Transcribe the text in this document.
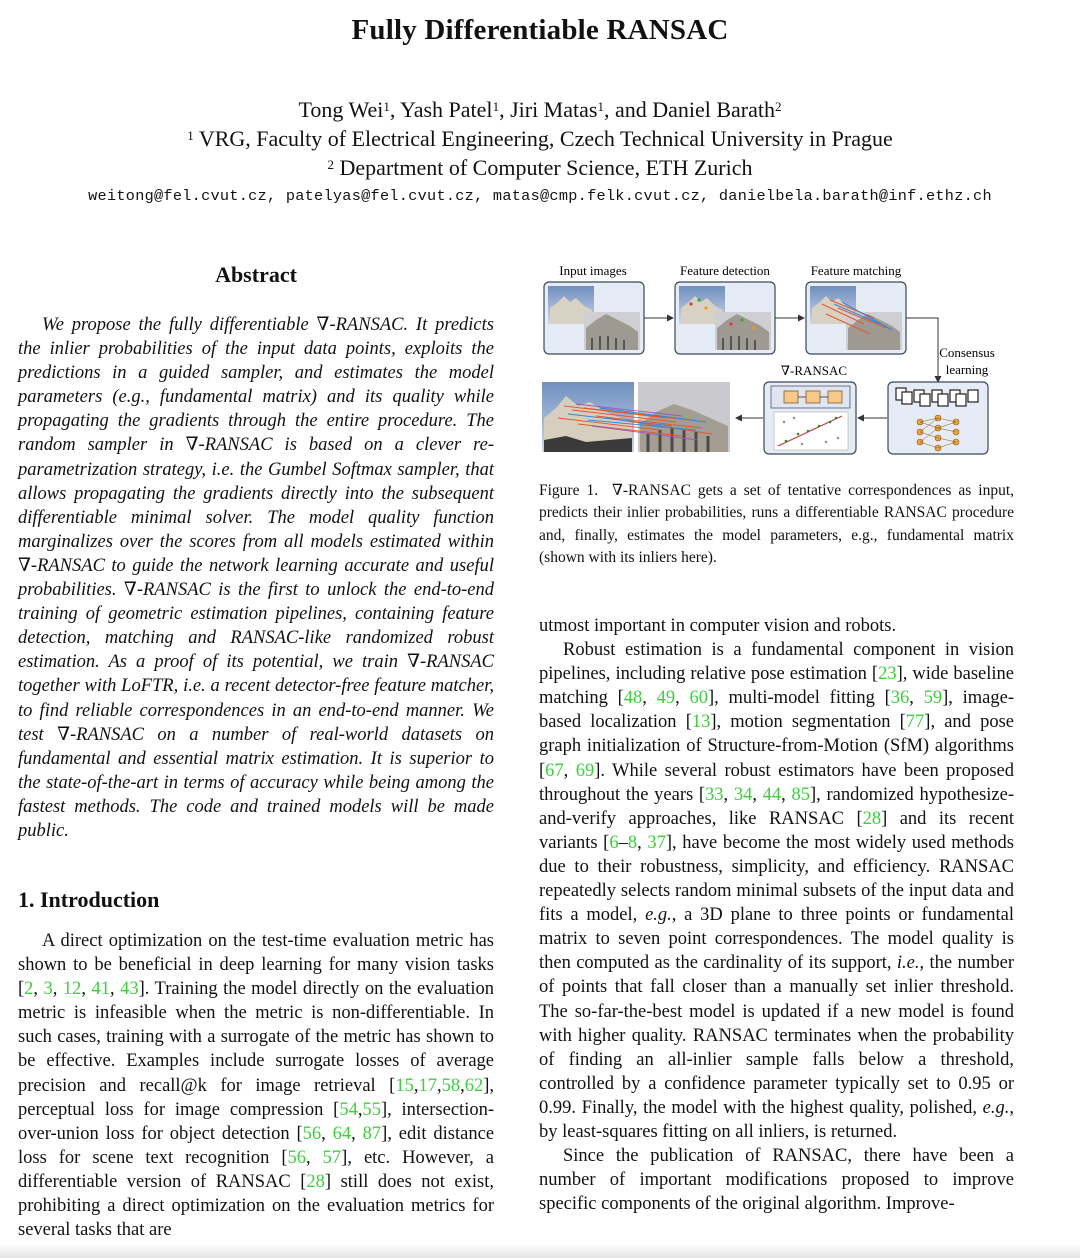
Fully Differentiable RANSAC
Tong Wei$^1$, Yash Patel$^1$, Jiri Matas$^1$, and Daniel Barath$^2$
$^1$ VRG, Faculty of Electrical Engineering, Czech Technical University in Prague
$^2$ Department of Computer Science, ETH Zurich
weitong@fel.cvut.cz, patelyas@fel.cvut.cz, matas@cmp.felk.cvut.cz, danielbela.barath@inf.ethz.ch
Abstract
We propose the fully differentiable ∇-RANSAC. It predicts the inlier probabilities of the input data points, exploits the predictions in a guided sampler, and estimates the model parameters (e.g., fundamental matrix) and its quality while propagating the gradients through the entire procedure. The random sampler in ∇-RANSAC is based on a clever re-parametrization strategy, i.e. the Gumbel Softmax sampler, that allows propagating the gradients directly into the subsequent differentiable minimal solver. The model quality function marginalizes over the scores from all models estimated within ∇-RANSAC to guide the network learning accurate and useful probabilities. ∇-RANSAC is the first to unlock the end-to-end training of geometric estimation pipelines, containing feature detection, matching and RANSAC-like randomized robust estimation. As a proof of its potential, we train ∇-RANSAC together with LoFTR, i.e. a recent detector-free feature matcher, to find reliable correspondences in an end-to-end manner. We test ∇-RANSAC on a number of real-world datasets on fundamental and essential matrix estimation. It is superior to the state-of-the-art in terms of accuracy while being among the fastest methods. The code and trained models will be made public.
Input images	Feature detection	Feature matching
Consensus
learning
∇-RANSAC
Figure 1. ∇-RANSAC gets a set of tentative correspondences as input, predicts their inlier probabilities, runs a differentiable RANSAC procedure and, finally, estimates the model parameters, e.g., fundamental matrix (shown with its inliers here).
1. Introduction
A direct optimization on the test-time evaluation metric has shown to be beneficial in deep learning for many vision tasks [2, 3, 12, 41, 43]. Training the model directly on the evaluation metric is infeasible when the metric is non-differentiable. In such cases, training with a surrogate of the metric has shown to be effective. Examples include surrogate losses of average precision and recall@k for image retrieval [15,17,58,62], perceptual loss for image compression [54,55], intersection-over-union loss for object detection [56, 64, 87], edit distance loss for scene text recognition [56, 57], etc. However, a differentiable version of RANSAC [28] still does not exist, prohibiting a direct optimization on the evaluation metrics for several tasks that are

utmost important in computer vision and robots.

Robust estimation is a fundamental component in vision pipelines, including relative pose estimation [23], wide baseline matching [48, 49, 60], multi-model fitting [36, 59], image-based localization [13], motion segmentation [77], and pose graph initialization of Structure-from-Motion (SfM) algorithms [67, 69]. While several robust estimators have been proposed throughout the years [33, 34, 44, 85], randomized hypothesize-and-verify approaches, like RANSAC [28] and its recent variants [6–8, 37], have become the most widely used methods due to their robustness, simplicity, and efficiency. RANSAC repeatedly selects random minimal subsets of the input data and fits a model, e.g., a 3D plane to three points or fundamental matrix to seven point correspondences. The model quality is then computed as the cardinality of its support, i.e., the number of points that fall closer than a manually set inlier threshold. The so-far-the-best model is updated if a new model is found with higher quality. RANSAC terminates when the probability of finding an all-inlier sample falls below a threshold, controlled by a confidence parameter typically set to 0.95 or 0.99. Finally, the model with the highest quality, polished, e.g., by least-squares fitting on all inliers, is returned.

Since the publication of RANSAC, there have been a number of important modifications proposed to improve specific components of the original algorithm. Improve-
